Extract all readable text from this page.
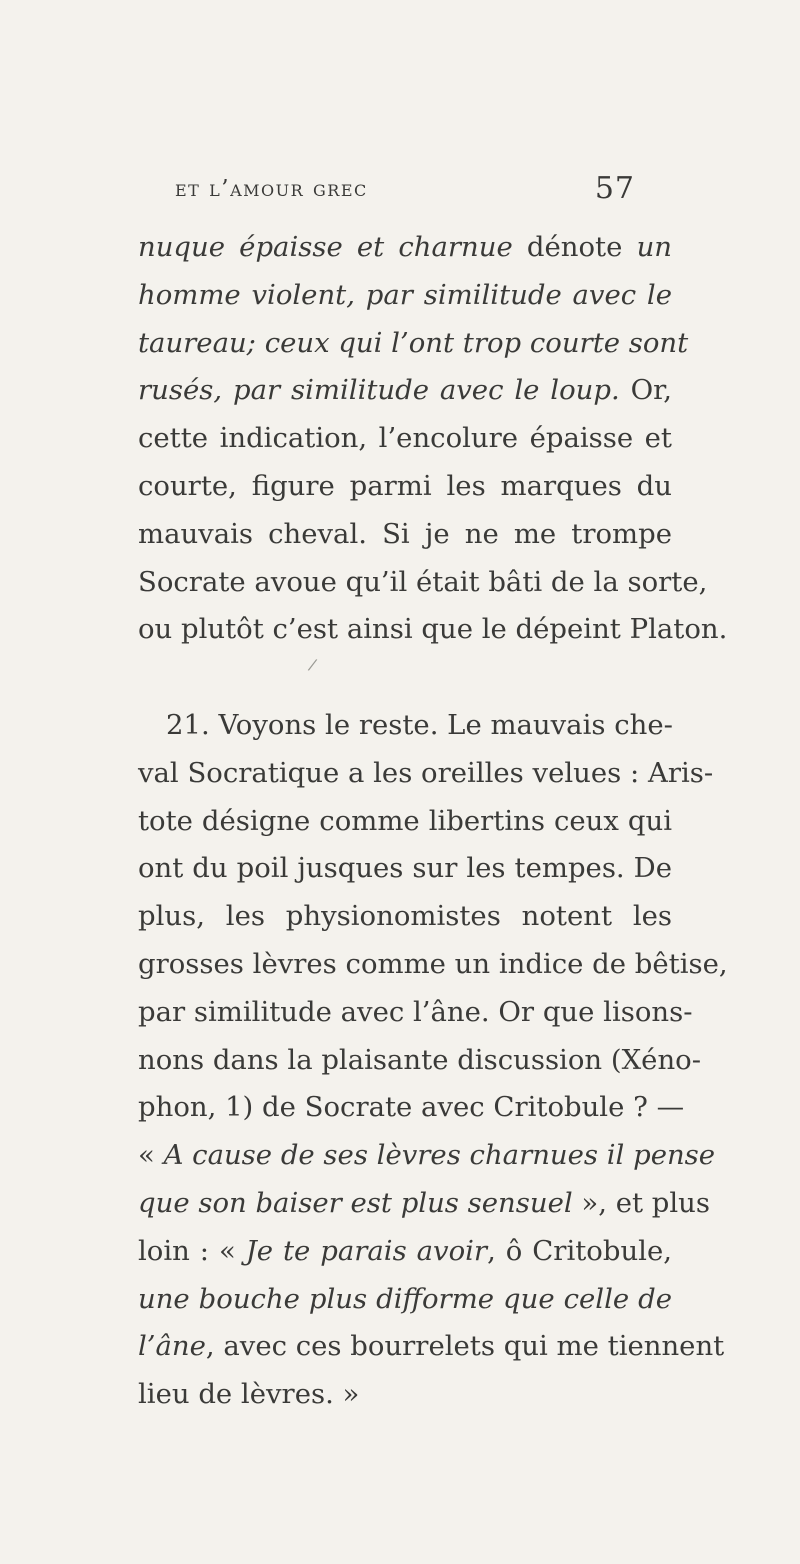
et l’amour grec	57
/
nuque épaisse et charnue dénote un
homme violent, par similitude avec le
taureau; ceux qui l’ont trop courte sont
rusés, par similitude avec le loup. Or,
cette indication, l’encolure épaisse et
courte, figure parmi les marques du
mauvais cheval. Si je ne me trompe
Socrate avoue qu’il était bâti de la sorte,
ou plutôt c’est ainsi que le dépeint Platon.
21. Voyons le reste. Le mauvais che-
val Socratique a les oreilles velues : Aris-
tote désigne comme libertins ceux qui
ont du poil jusques sur les tempes. De
plus, les physionomistes notent les
grosses lèvres comme un indice de bêtise,
par similitude avec l’âne. Or que lisons-
nons dans la plaisante discussion (Xéno-
phon, 1) de Socrate avec Critobule ? —
« A cause de ses lèvres charnues il pense
que son baiser est plus sensuel », et plus
loin : « Je te parais avoir, ô Critobule,
une bouche plus difforme que celle de
l’âne, avec ces bourrelets qui me tiennent
lieu de lèvres. »
